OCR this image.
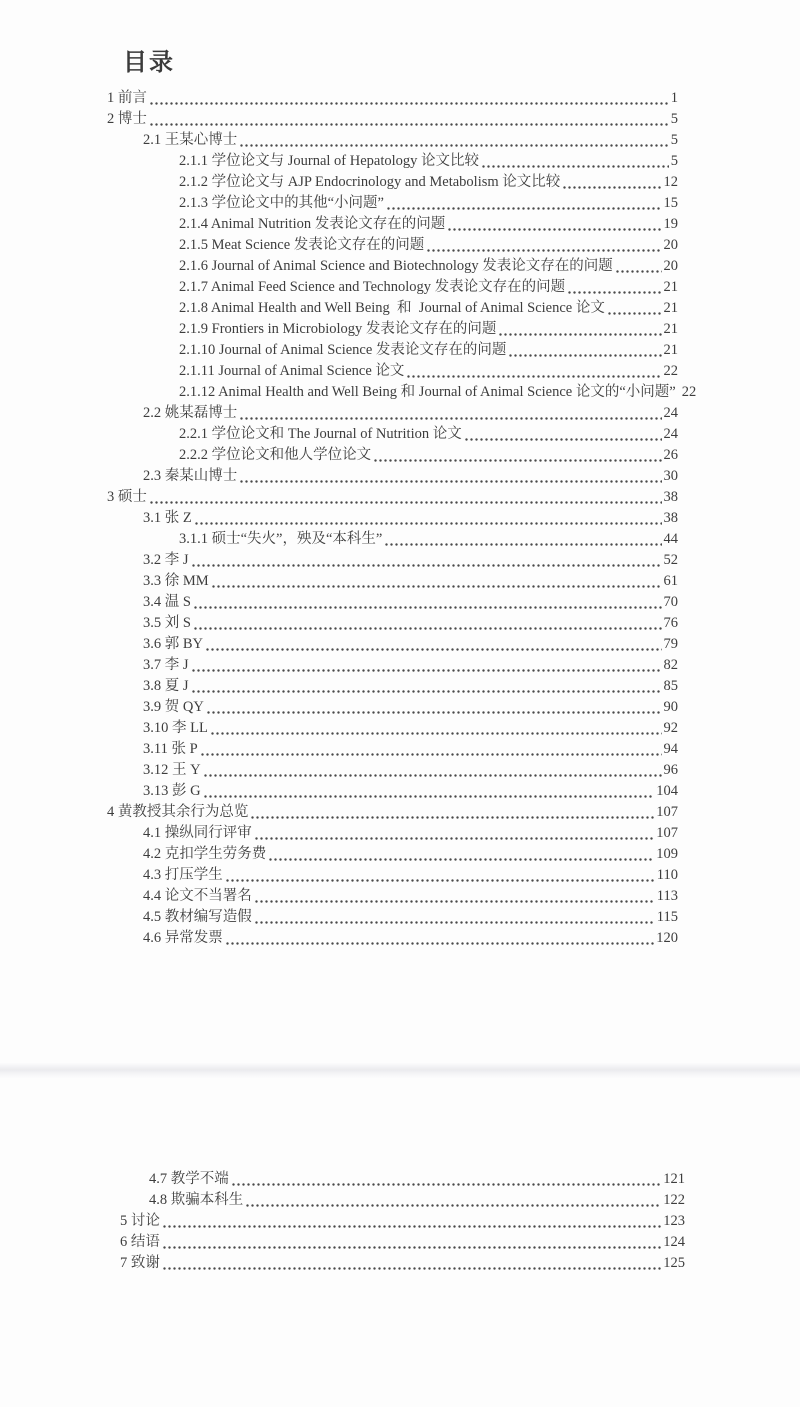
目录
1 前言	1
2 博士	5
2.1 王某心博士	5
2.1.1 学位论文与 Journal of Hepatology 论文比较	5
2.1.2 学位论文与 AJP Endocrinology and Metabolism 论文比较	12
2.1.3 学位论文中的其他“小问题”	15
2.1.4 Animal Nutrition 发表论文存在的问题	19
2.1.5 Meat Science 发表论文存在的问题	20
2.1.6 Journal of Animal Science and Biotechnology 发表论文存在的问题	20
2.1.7 Animal Feed Science and Technology 发表论文存在的问题	21
2.1.8 Animal Health and Well Being  和  Journal of Animal Science 论文	21
2.1.9 Frontiers in Microbiology 发表论文存在的问题	21
2.1.10 Journal of Animal Science 发表论文存在的问题	21
2.1.11 Journal of Animal Science 论文	22
2.1.12 Animal Health and Well Being 和 Journal of Animal Science 论文的“小问题” 22
2.2 姚某磊博士	24
2.2.1 学位论文和 The Journal of Nutrition 论文	24
2.2.2 学位论文和他人学位论文	26
2.3 秦某山博士	30
3 硕士	38
3.1 张 Z	38
3.1.1 硕士“失火”，殃及“本科生”	44
3.2 李 J	52
3.3 徐 MM	61
3.4 温 S	70
3.5 刘 S	76
3.6 郭 BY	79
3.7 李 J	82
3.8 夏 J	85
3.9 贺 QY	90
3.10 李 LL	92
3.11 张 P	94
3.12 王 Y	96
3.13 彭 G	104
4 黄教授其余行为总览	107
4.1 操纵同行评审	107
4.2 克扣学生劳务费	109
4.3 打压学生	110
4.4 论文不当署名	113
4.5 教材编写造假	115
4.6 异常发票	120
4.7 教学不端	121
4.8 欺骗本科生	122
5 讨论	123
6 结语	124
7 致谢	125
